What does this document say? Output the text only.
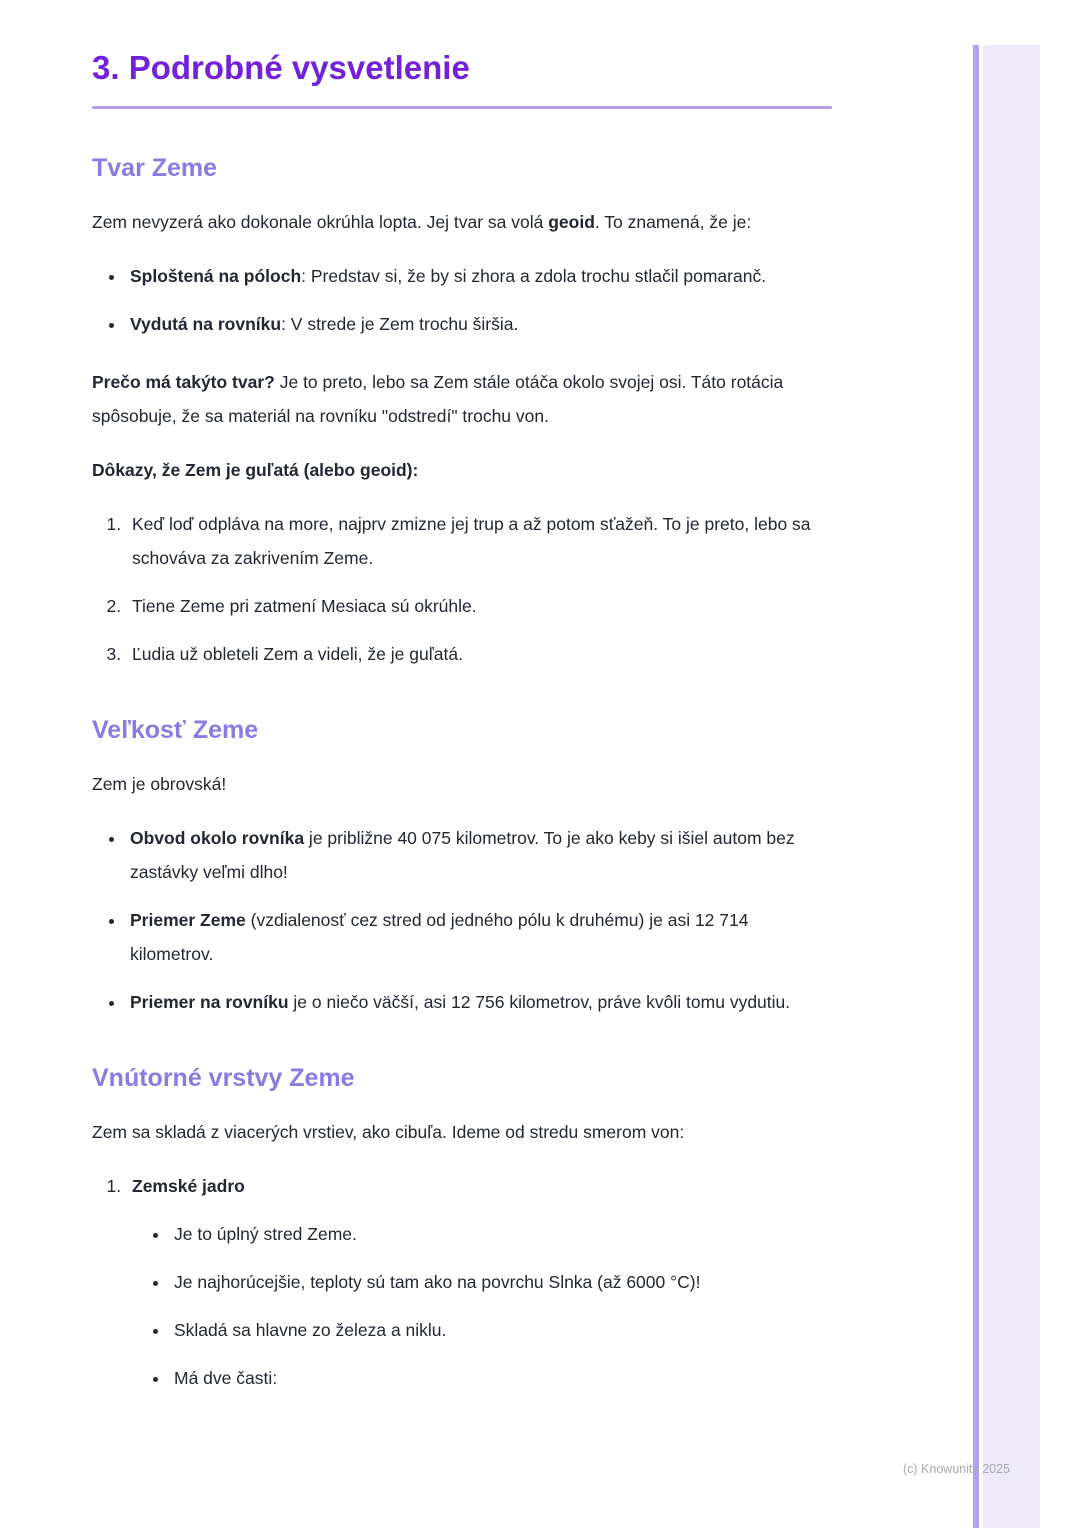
3. Podrobné vysvetlenie
Tvar Zeme

Zem nevyzerá ako dokonale okrúhla lopta. Jej tvar sa volá geoid. To znamená, že je:

• Sploštená na póloch: Predstav si, že by si zhora a zdola trochu stlačil pomaranč.
• Vydutá na rovníku: V strede je Zem trochu širšia.

Prečo má takýto tvar? Je to preto, lebo sa Zem stále otáča okolo svojej osi. Táto rotácia spôsobuje, že sa materiál na rovníku "odstredí" trochu von.

Dôkazy, že Zem je guľatá (alebo geoid):

1. Keď loď odpláva na more, najprv zmizne jej trup a až potom sťažeň. To je preto, lebo sa schováva za zakrivením Zeme.
2. Tiene Zeme pri zatmení Mesiaca sú okrúhle.
3. Ľudia už obleteli Zem a videli, že je guľatá.
Veľkosť Zeme

Zem je obrovská!

• Obvod okolo rovníka je približne 40 075 kilometrov. To je ako keby si išiel autom bez zastávky veľmi dlho!
• Priemer Zeme (vzdialenosť cez stred od jedného pólu k druhému) je asi 12 714 kilometrov.
• Priemer na rovníku je o niečo väčší, asi 12 756 kilometrov, práve kvôli tomu vydutiu.
Vnútorné vrstvy Zeme

Zem sa skladá z viacerých vrstiev, ako cibuľa. Ideme od stredu smerom von:

1. Zemské jadro
• Je to úplný stred Zeme.
• Je najhorúcejšie, teploty sú tam ako na povrchu Slnka (až 6000 °C)!
• Skladá sa hlavne zo železa a niklu.
• Má dve časti:
(c) Knowunity 2025
